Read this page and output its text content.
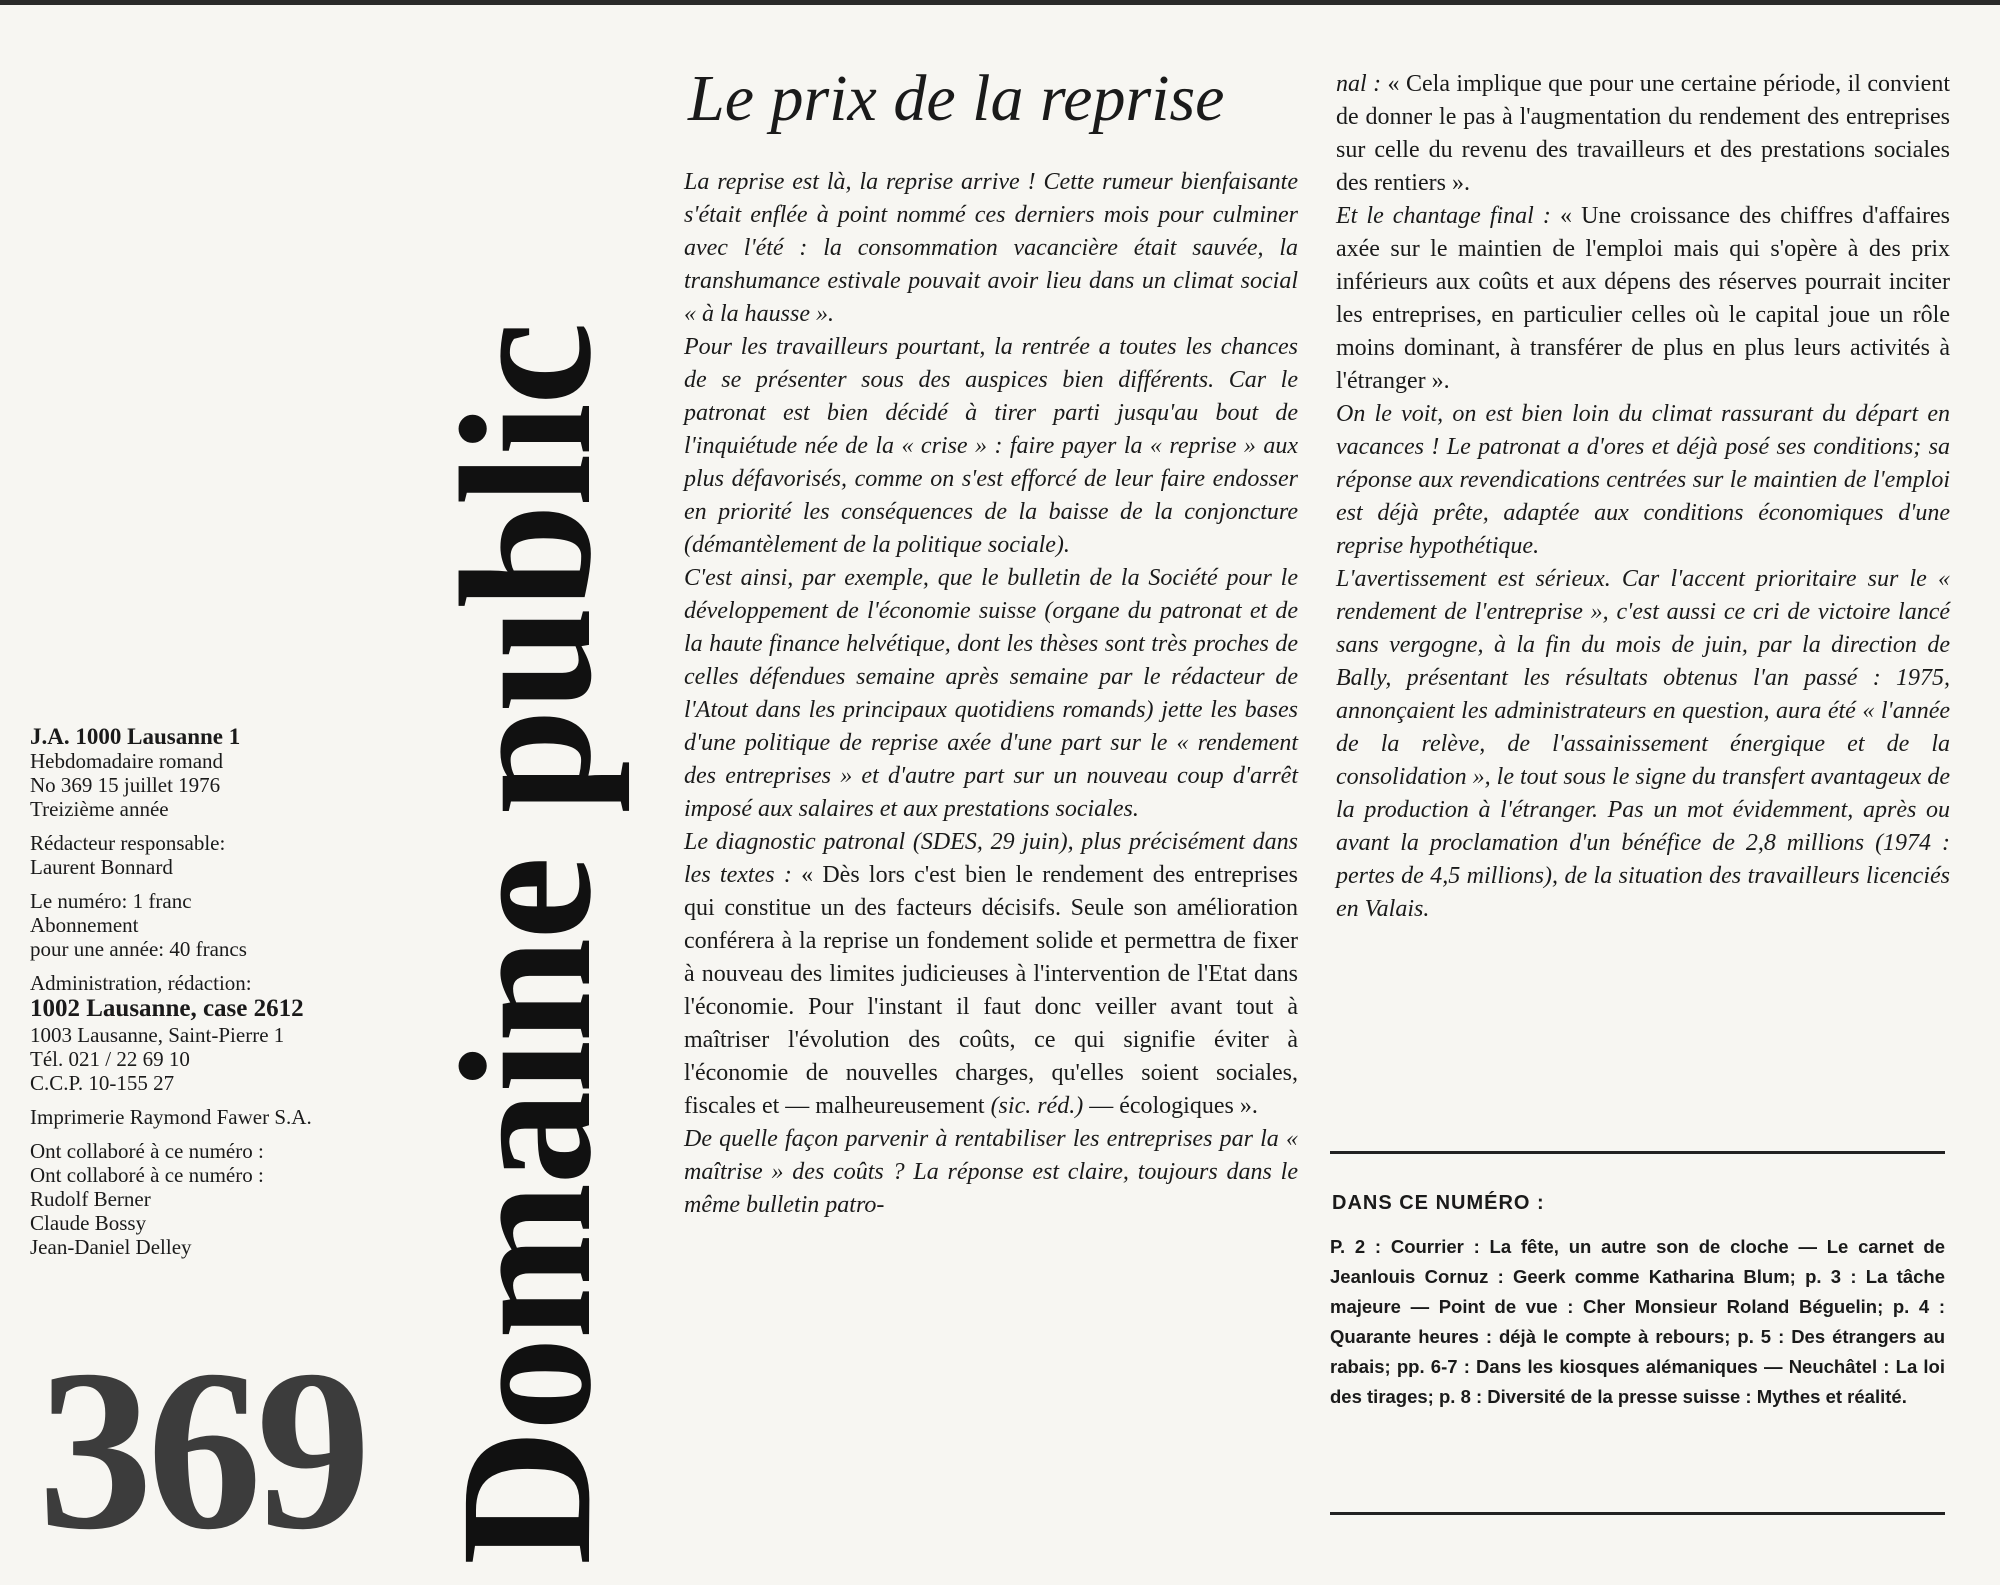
J.A. 1000 Lausanne 1
Hebdomadaire romand
No 369 15 juillet 1976
Treizième année
Rédacteur responsable:
Laurent Bonnard
Le numéro: 1 franc
Abonnement
pour une année: 40 francs
Administration, rédaction:
1002 Lausanne, case 2612
1003 Lausanne, Saint-Pierre 1
Tél. 021 / 22 69 10
C.C.P. 10-155 27
Imprimerie Raymond Fawer S.A.
Ont collaboré à ce numéro :
Ont collaboré à ce numéro :
Rudolf Berner
Claude Bossy
Jean-Daniel Delley
369 Domaine public
Le prix de la reprise

La reprise est là, la reprise arrive ! Cette rumeur bienfaisante s'était enflée à point nommé ces derniers mois pour culminer avec l'été : la consommation vacancière était sauvée, la transhumance estivale pouvait avoir lieu dans un climat social « à la hausse ».

Pour les travailleurs pourtant, la rentrée a toutes les chances de se présenter sous des auspices bien différents. Car le patronat est bien décidé à tirer parti jusqu'au bout de l'inquiétude née de la « crise » : faire payer la « reprise » aux plus défavorisés, comme on s'est efforcé de leur faire endosser en priorité les conséquences de la baisse de la conjoncture (démantèlement de la politique sociale).

C'est ainsi, par exemple, que le bulletin de la Société pour le développement de l'économie suisse (organe du patronat et de la haute finance helvétique, dont les thèses sont très proches de celles défendues semaine après semaine par le rédacteur de l'Atout dans les principaux quotidiens romands) jette les bases d'une politique de reprise axée d'une part sur le « rendement des entreprises » et d'autre part sur un nouveau coup d'arrêt imposé aux salaires et aux prestations sociales.

Le diagnostic patronal (SDES, 29 juin), plus précisément dans les textes : « Dès lors c'est bien le rendement des entreprises qui constitue un des facteurs décisifs. Seule son amélioration conférera à la reprise un fondement solide et permettra de fixer à nouveau des limites judicieuses à l'intervention de l'Etat dans l'économie. Pour l'instant il faut donc veiller avant tout à maîtriser l'évolution des coûts, ce qui signifie éviter à l'économie de nouvelles charges, qu'elles soient sociales, fiscales et — malheureusement (sic. réd.) — écologiques ».

De quelle façon parvenir à rentabiliser les entreprises par la « maîtrise » des coûts ? La réponse est claire, toujours dans le même bulletin patro-

nal : « Cela implique que pour une certaine période, il convient de donner le pas à l'augmentation du rendement des entreprises sur celle du revenu des travailleurs et des prestations sociales des rentiers ».

Et le chantage final : « Une croissance des chiffres d'affaires axée sur le maintien de l'emploi mais qui s'opère à des prix inférieurs aux coûts et aux dépens des réserves pourrait inciter les entreprises, en particulier celles où le capital joue un rôle moins dominant, à transférer de plus en plus leurs activités à l'étranger ».

On le voit, on est bien loin du climat rassurant du départ en vacances ! Le patronat a d'ores et déjà posé ses conditions; sa réponse aux revendications centrées sur le maintien de l'emploi est déjà prête, adaptée aux conditions économiques d'une reprise hypothétique.

L'avertissement est sérieux. Car l'accent prioritaire sur le « rendement de l'entreprise », c'est aussi ce cri de victoire lancé sans vergogne, à la fin du mois de juin, par la direction de Bally, présentant les résultats obtenus l'an passé : 1975, annonçaient les administrateurs en question, aura été « l'année de la relève, de l'assainissement énergique et de la consolidation », le tout sous le signe du transfert avantageux de la production à l'étranger. Pas un mot évidemment, après ou avant la proclamation d'un bénéfice de 2,8 millions (1974 : pertes de 4,5 millions), de la situation des travailleurs licenciés en Valais.

DANS CE NUMÉRO :
P. 2 : Courrier : La fête, un autre son de cloche — Le carnet de Jeanlouis Cornuz : Geerk comme Katharina Blum; p. 3 : La tâche majeure — Point de vue : Cher Monsieur Roland Béguelin; p. 4 : Quarante heures : déjà le compte à rebours; p. 5 : Des étrangers au rabais; pp. 6-7 : Dans les kiosques alémaniques — Neuchâtel : La loi des tirages; p. 8 : Diversité de la presse suisse : Mythes et réalité.
